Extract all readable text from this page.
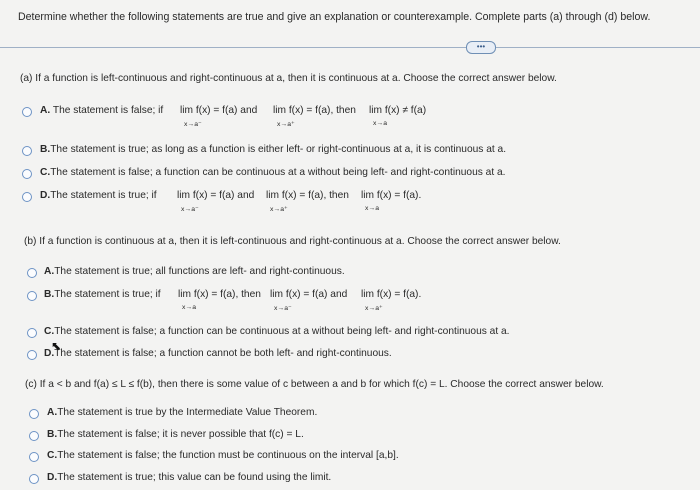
Determine whether the following statements are true and give an explanation or counterexample. Complete parts (a) through (d) below.
•••
(a) If a function is left-continuous and right-continuous at a, then it is continuous at a. Choose the correct answer below.
A. The statement is false; if lim f(x) = f(a) and
x→a⁻
lim f(x) = f(a), then
x→a⁺
lim f(x) ≠ f(a)
x→a
B.The statement is true; as long as a function is either left- or right-continuous at a, it is continuous at a.
C.The statement is false; a function can be continuous at a without being left- and right-continuous at a.
D.The statement is true; if lim f(x) = f(a) and
x→a⁻
lim f(x) = f(a), then
x→a⁺
lim f(x) = f(a).
x→a
(b) If a function is continuous at a, then it is left-continuous and right-continuous at a. Choose the correct answer below.
A.The statement is true; all functions are left- and right-continuous.
B.The statement is true; if lim f(x) = f(a), then
x→a
lim f(x) = f(a) and
x→a⁻
lim f(x) = f(a).
x→a⁺
C.The statement is false; a function can be continuous at a without being left- and right-continuous at a.
D.The statement is false; a function cannot be both left- and right-continuous.
⬉
(c) If a < b and f(a) ≤ L ≤ f(b), then there is some value of c between a and b for which f(c) = L. Choose the correct answer below.
A.The statement is true by the Intermediate Value Theorem.
B.The statement is false; it is never possible that f(c) = L.
C.The statement is false; the function must be continuous on the interval [a,b].
D.The statement is true; this value can be found using the limit.
